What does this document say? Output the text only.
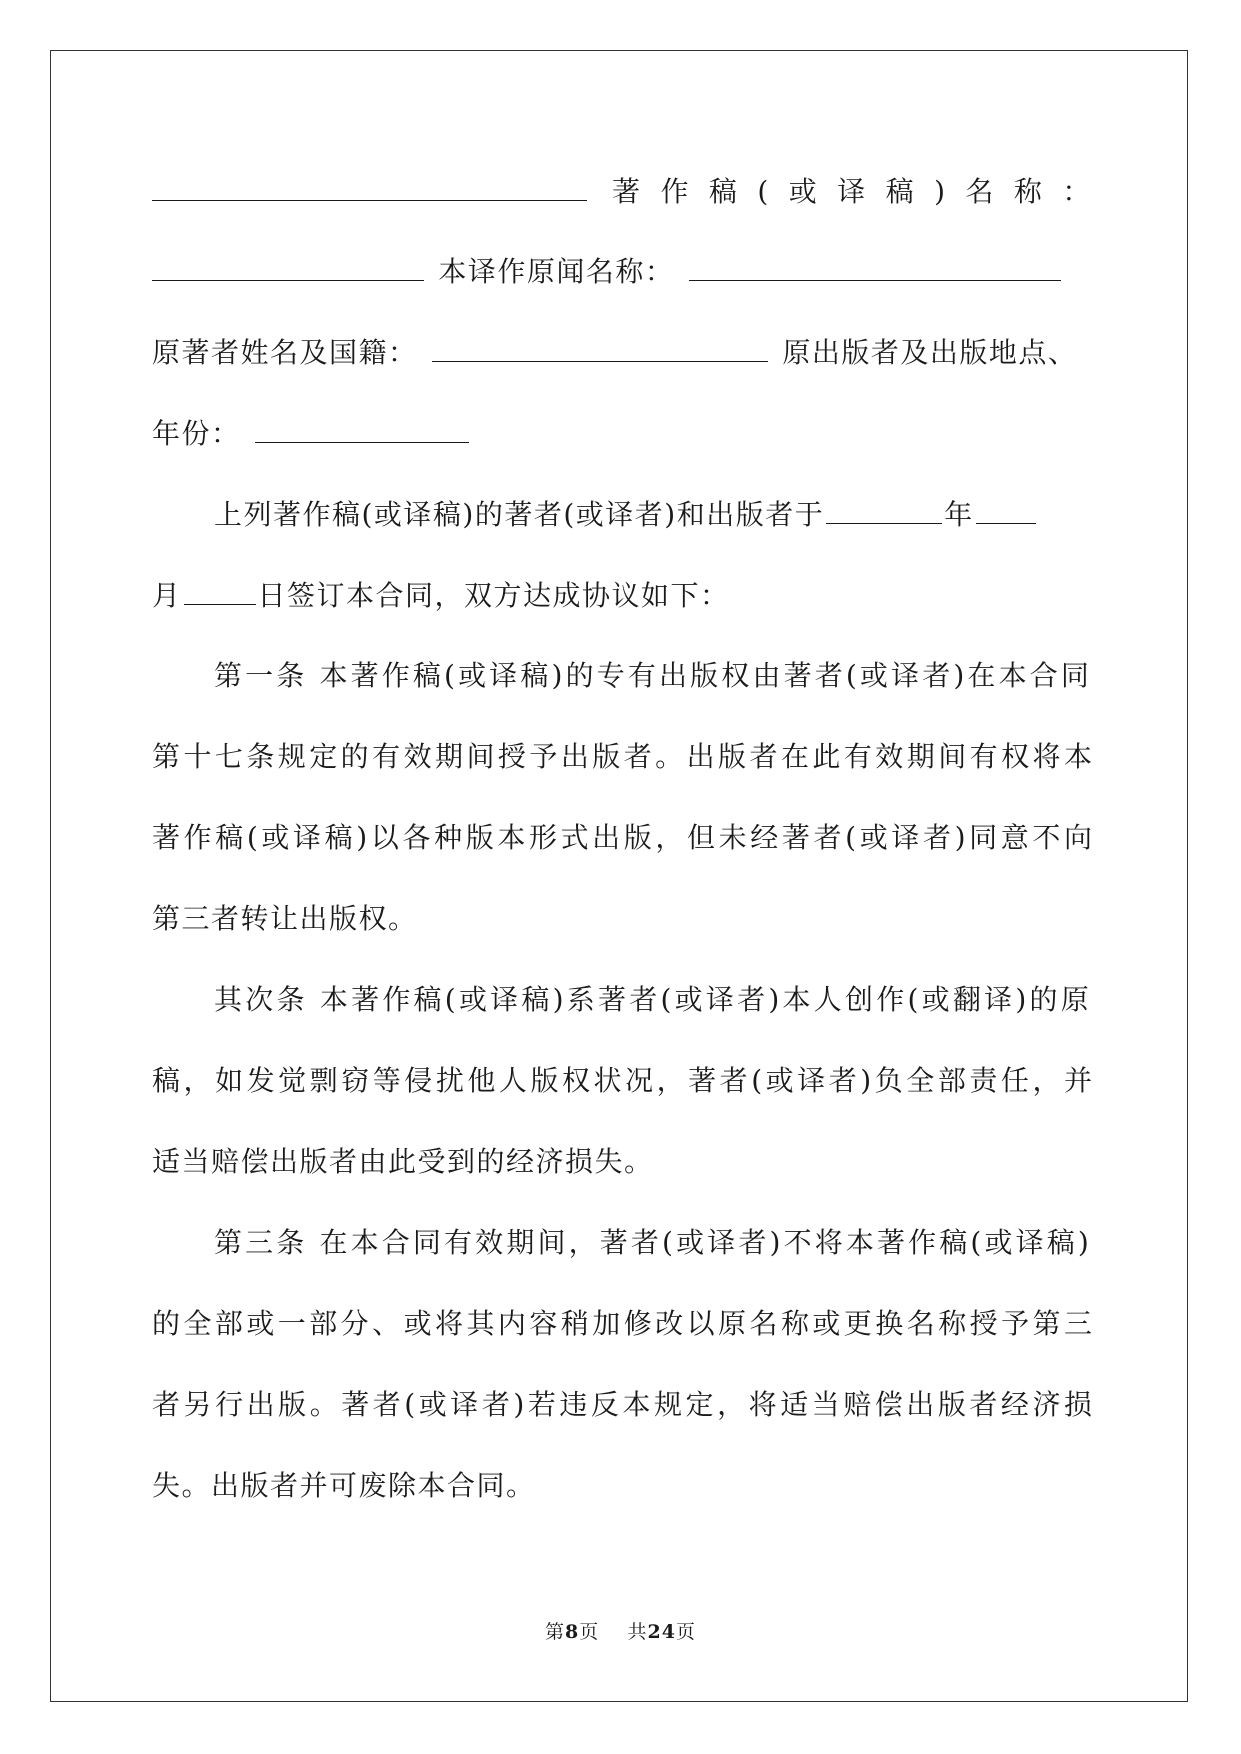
著 作 稿 ( 或 译 稿 ) 名 称 ：
本译作原闻名称：
原著者姓名及国籍：	原出版者及出版地点、
年份：
上列著作稿(或译稿)的著者(或译者)和出版者于	年
月	日签订本合同，双方达成协议如下：
第一条 本著作稿(或译稿)的专有出版权由著者(或译者)在本合同
第十七条规定的有效期间授予出版者。出版者在此有效期间有权将本
著作稿(或译稿)以各种版本形式出版，但未经著者(或译者)同意不向
第三者转让出版权。
其次条 本著作稿(或译稿)系著者(或译者)本人创作(或翻译)的原
稿，如发觉剽窃等侵扰他人版权状况，著者(或译者)负全部责任，并
适当赔偿出版者由此受到的经济损失。
第三条 在本合同有效期间，著者(或译者)不将本著作稿(或译稿)
的全部或一部分、或将其内容稍加修改以原名称或更换名称授予第三
者另行出版。著者(或译者)若违反本规定，将适当赔偿出版者经济损
失。出版者并可废除本合同。
第8页 共24页
